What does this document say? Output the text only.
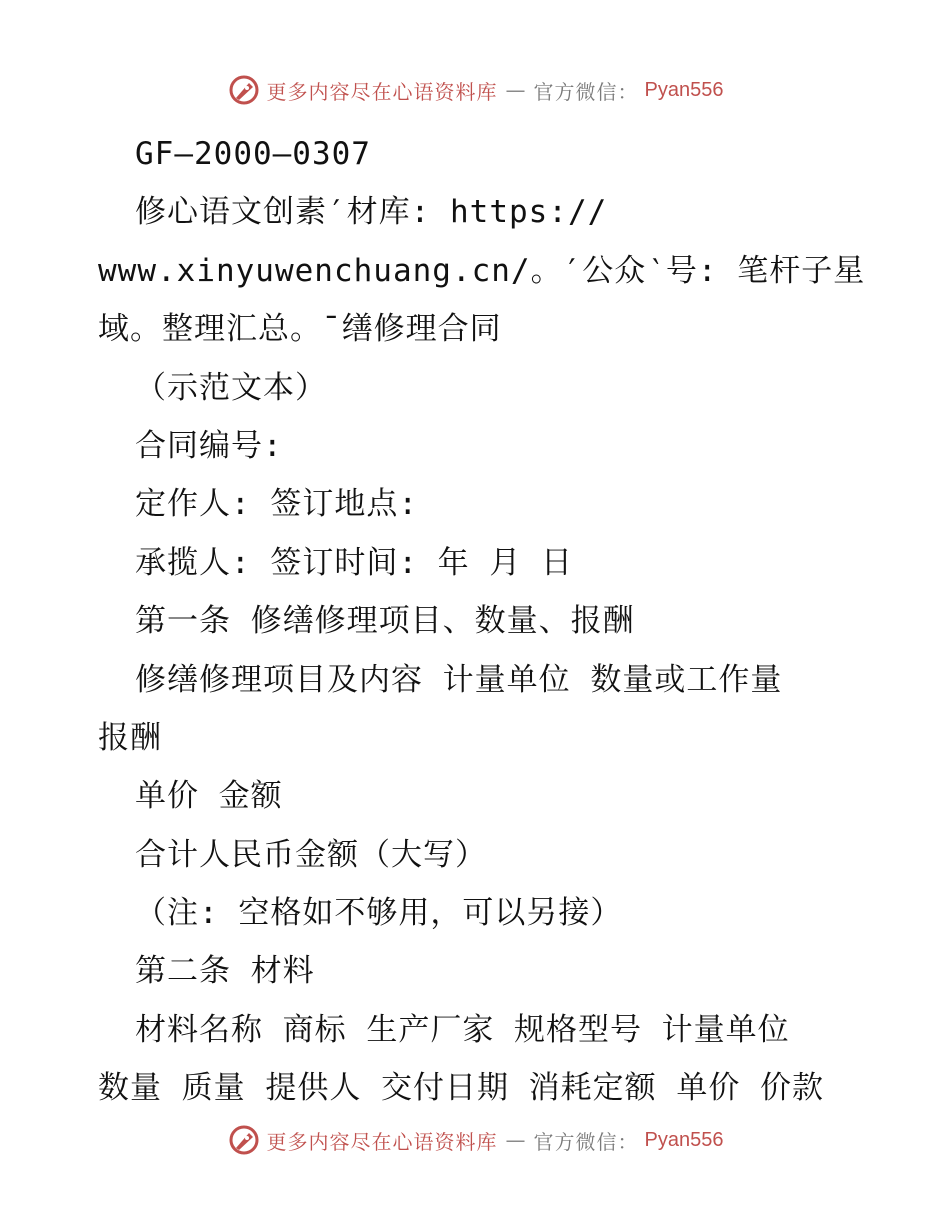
更多内容尽在心语资料库 — 官方微信： Pyan556
GF—2000—0307
修心语文创素′材库: https://
www.xinyuwenchuang.cn/。′公众‵号: 笔杆子星
域。整理汇总。¯缮修理合同
（示范文本）
合同编号:
定作人: 签订地点:
承揽人: 签订时间: 年 月 日
第一条 修缮修理项目、数量、报酬
修缮修理项目及内容 计量单位 数量或工作量
报酬
单价 金额
合计人民币金额（大写）
（注: 空格如不够用，可以另接）
第二条 材料
材料名称 商标 生产厂家 规格型号 计量单位
数量 质量 提供人 交付日期 消耗定额 单价 价款
更多内容尽在心语资料库 — 官方微信： Pyan556
